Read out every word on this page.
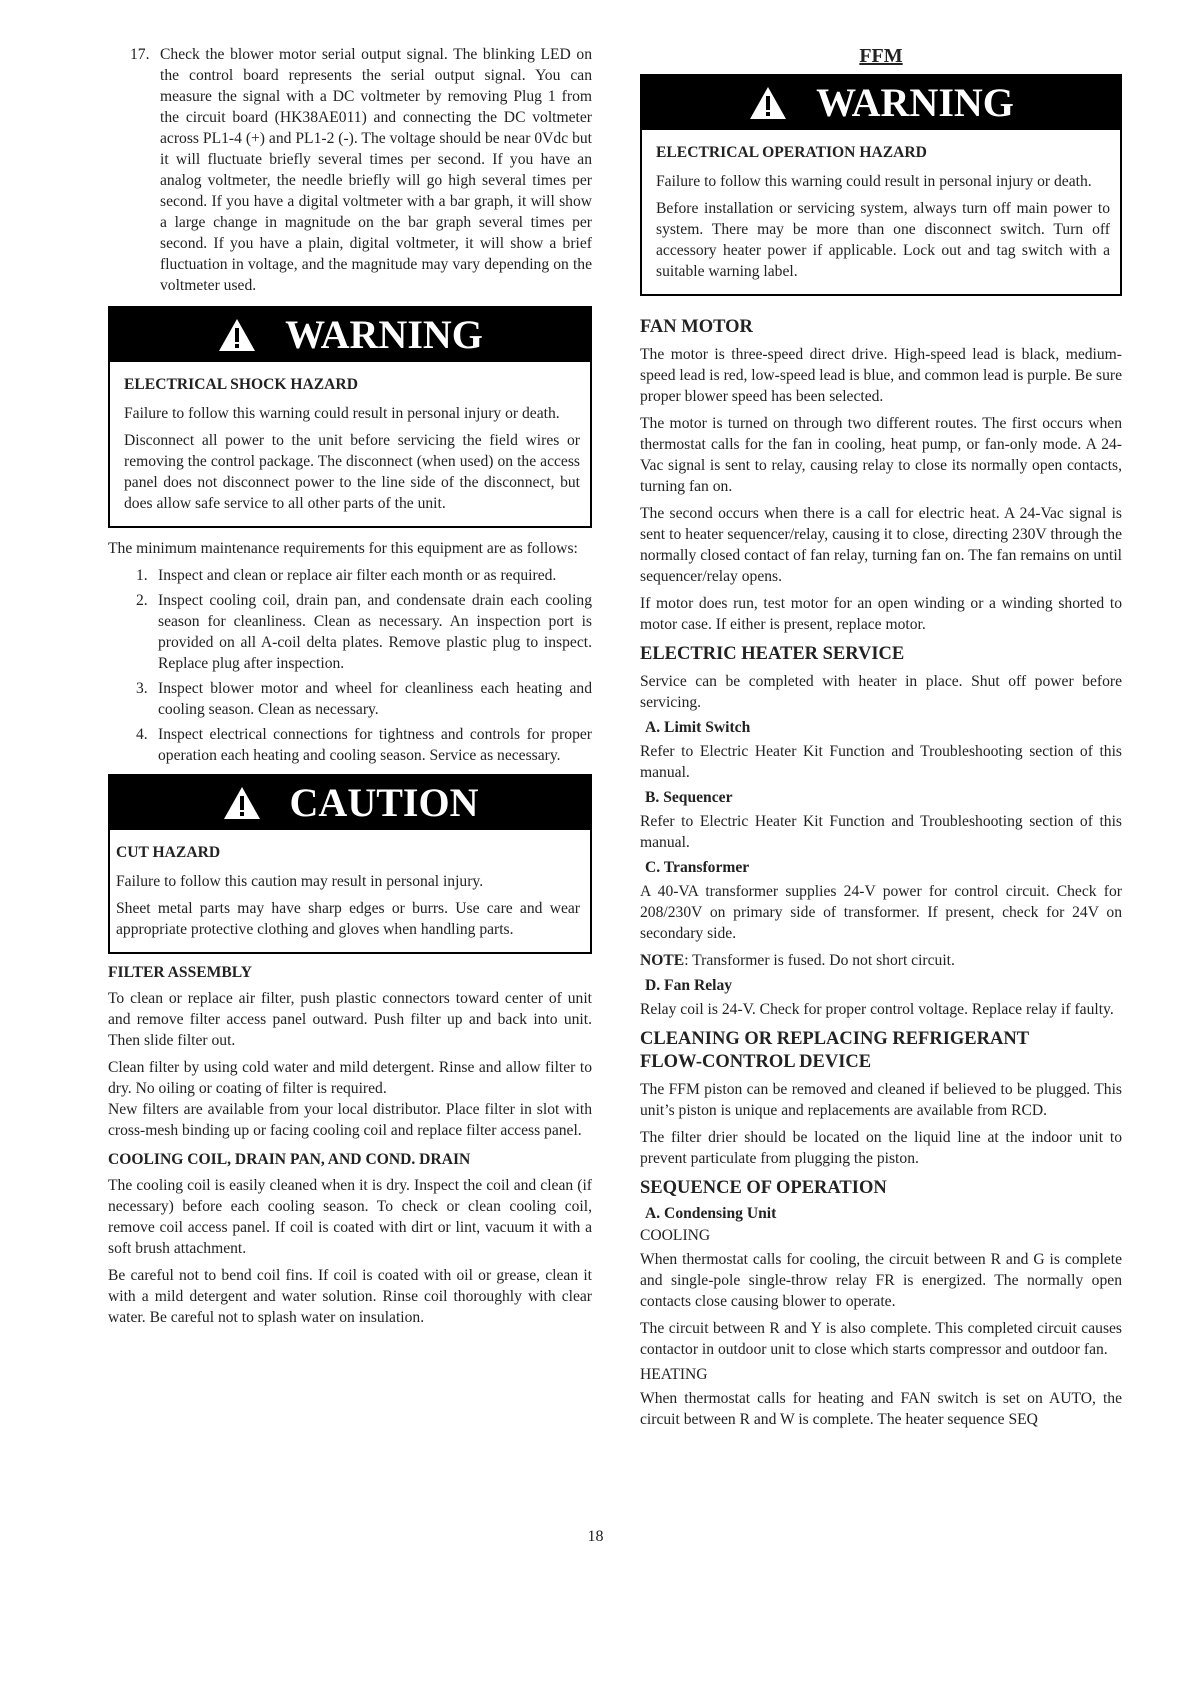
17. Check the blower motor serial output signal. The blinking LED on the control board represents the serial output signal. You can measure the signal with a DC voltmeter by removing Plug 1 from the circuit board (HK38AE011) and connecting the DC voltmeter across PL1-4 (+) and PL1-2 (-). The voltage should be near 0Vdc but it will fluctuate briefly several times per second. If you have an analog voltmeter, the needle briefly will go high several times per second. If you have a digital voltmeter with a bar graph, it will show a large change in magnitude on the bar graph several times per second. If you have a plain, digital voltmeter, it will show a brief fluctuation in voltage, and the magnitude may vary depending on the voltmeter used.
WARNING
ELECTRICAL SHOCK HAZARD

Failure to follow this warning could result in personal injury or death.

Disconnect all power to the unit before servicing the field wires or removing the control package. The disconnect (when used) on the access panel does not disconnect power to the line side of the disconnect, but does allow safe service to all other parts of the unit.

The minimum maintenance requirements for this equipment are as follows:

1. Inspect and clean or replace air filter each month or as required.
2. Inspect cooling coil, drain pan, and condensate drain each cooling season for cleanliness. Clean as necessary. An inspection port is provided on all A-coil delta plates. Remove plastic plug to inspect. Replace plug after inspection.
3. Inspect blower motor and wheel for cleanliness each heating and cooling season. Clean as necessary.
4. Inspect electrical connections for tightness and controls for proper operation each heating and cooling season. Service as necessary.
CAUTION
CUT HAZARD

Failure to follow this caution may result in personal injury.

Sheet metal parts may have sharp edges or burrs. Use care and wear appropriate protective clothing and gloves when handling parts.

FILTER ASSEMBLY

To clean or replace air filter, push plastic connectors toward center of unit and remove filter access panel outward. Push filter up and back into unit. Then slide filter out.

Clean filter by using cold water and mild detergent. Rinse and allow filter to dry. No oiling or coating of filter is required.

New filters are available from your local distributor. Place filter in slot with cross-mesh binding up or facing cooling coil and replace filter access panel.

COOLING COIL, DRAIN PAN, AND COND. DRAIN

The cooling coil is easily cleaned when it is dry. Inspect the coil and clean (if necessary) before each cooling season. To check or clean cooling coil, remove coil access panel. If coil is coated with dirt or lint, vacuum it with a soft brush attachment.

Be careful not to bend coil fins. If coil is coated with oil or grease, clean it with a mild detergent and water solution. Rinse coil thoroughly with clear water. Be careful not to splash water on insulation.

FFM
WARNING
ELECTRICAL OPERATION HAZARD

Failure to follow this warning could result in personal injury or death.

Before installation or servicing system, always turn off main power to system. There may be more than one disconnect switch. Turn off accessory heater power if applicable. Lock out and tag switch with a suitable warning label.

FAN MOTOR

The motor is three-speed direct drive. High-speed lead is black, medium-speed lead is red, low-speed lead is blue, and common lead is purple. Be sure proper blower speed has been selected.

The motor is turned on through two different routes. The first occurs when thermostat calls for the fan in cooling, heat pump, or fan-only mode. A 24-Vac signal is sent to relay, causing relay to close its normally open contacts, turning fan on.

The second occurs when there is a call for electric heat. A 24-Vac signal is sent to heater sequencer/relay, causing it to close, directing 230V through the normally closed contact of fan relay, turning fan on. The fan remains on until sequencer/relay opens.

If motor does run, test motor for an open winding or a winding shorted to motor case. If either is present, replace motor.

ELECTRIC HEATER SERVICE

Service can be completed with heater in place. Shut off power before servicing.

A. Limit Switch

Refer to Electric Heater Kit Function and Troubleshooting section of this manual.

B. Sequencer

Refer to Electric Heater Kit Function and Troubleshooting section of this manual.

C. Transformer

A 40-VA transformer supplies 24-V power for control circuit. Check for 208/230V on primary side of transformer. If present, check for 24V on secondary side.

NOTE: Transformer is fused. Do not short circuit.

D. Fan Relay

Relay coil is 24-V. Check for proper control voltage. Replace relay if faulty.

CLEANING OR REPLACING REFRIGERANT
FLOW-CONTROL DEVICE

The FFM piston can be removed and cleaned if believed to be plugged. This unit’s piston is unique and replacements are available from RCD.

The filter drier should be located on the liquid line at the indoor unit to prevent particulate from plugging the piston.

SEQUENCE OF OPERATION
A. Condensing Unit
COOLING

When thermostat calls for cooling, the circuit between R and G is complete and single-pole single-throw relay FR is energized. The normally open contacts close causing blower to operate.

The circuit between R and Y is also complete. This completed circuit causes contactor in outdoor unit to close which starts compressor and outdoor fan.

HEATING

When thermostat calls for heating and FAN switch is set on AUTO, the circuit between R and W is complete. The heater sequence SEQ

18
